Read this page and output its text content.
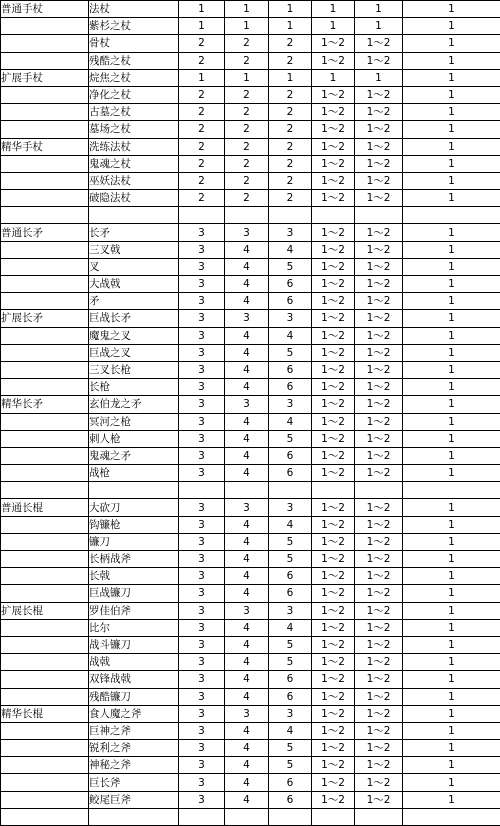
普通手杖	法杖	1	1	1	1	1	1
	紫杉之杖	1	1	1	1	1	1
	骨杖	2	2	2	1～2	1～2	1
	残酷之杖	2	2	2	1～2	1～2	1
扩展手杖	烷焦之杖	1	1	1	1	1	1
	净化之杖	2	2	2	1～2	1～2	1
	古墓之杖	2	2	2	1～2	1～2	1
	墓场之杖	2	2	2	1～2	1～2	1
精华手杖	洗练法杖	2	2	2	1～2	1～2	1
	鬼魂之杖	2	2	2	1～2	1～2	1
	巫妖法杖	2	2	2	1～2	1～2	1
	破隐法杖	2	2	2	1～2	1～2	1

普通长矛	长矛	3	3	3	1～2	1～2	1
	三叉戟	3	4	4	1～2	1～2	1
	叉	3	4	5	1～2	1～2	1
	大战戟	3	4	6	1～2	1～2	1
	矛	3	4	6	1～2	1～2	1
扩展长矛	巨战长矛	3	3	3	1～2	1～2	1
	魔鬼之叉	3	4	4	1～2	1～2	1
	巨战之叉	3	4	5	1～2	1～2	1
	三叉长枪	3	4	6	1～2	1～2	1
	长枪	3	4	6	1～2	1～2	1
精华长矛	玄伯龙之矛	3	3	3	1～2	1～2	1
	冥河之枪	3	4	4	1～2	1～2	1
	刺人枪	3	4	5	1～2	1～2	1
	鬼魂之矛	3	4	6	1～2	1～2	1
	战枪	3	4	6	1～2	1～2	1

普通长棍	大砍刀	3	3	3	1～2	1～2	1
	钩镰枪	3	4	4	1～2	1～2	1
	镰刀	3	4	5	1～2	1～2	1
	长柄战斧	3	4	5	1～2	1～2	1
	长戟	3	4	6	1～2	1～2	1
	巨战镰刀	3	4	6	1～2	1～2	1
扩展长棍	罗佳伯斧	3	3	3	1～2	1～2	1
	比尔	3	4	4	1～2	1～2	1
	战斗镰刀	3	4	5	1～2	1～2	1
	战戟	3	4	5	1～2	1～2	1
	双锋战戟	3	4	6	1～2	1～2	1
	残酷镰刀	3	4	6	1～2	1～2	1
精华长棍	食人魔之斧	3	3	3	1～2	1～2	1
	巨神之斧	3	4	4	1～2	1～2	1
	锐利之斧	3	4	5	1～2	1～2	1
	神秘之斧	3	4	5	1～2	1～2	1
	巨长斧	3	4	6	1～2	1～2	1
	鲛尾巨斧	3	4	6	1～2	1～2	1
